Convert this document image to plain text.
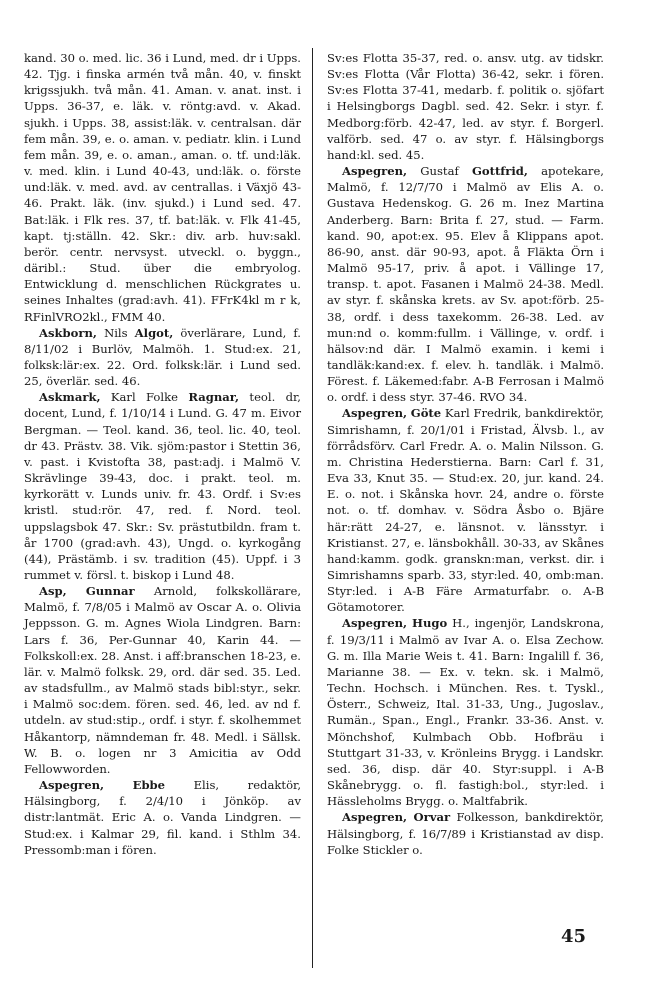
kand. 30 o. med. lic. 36 i Lund, med. dr i Upps. 42. Tjg. i finska armén två mån. 40, v. finskt krigssjukh. två mån. 41. Aman. v. anat. inst. i Upps. 36-37, e. läk. v. röntg:avd. v. Akad. sjukh. i Upps. 38, assist:läk. v. centralsan. där fem mån. 39, e. o. aman. v. pediatr. klin. i Lund fem mån. 39, e. o. aman., aman. o. tf. und:läk. v. med. klin. i Lund 40-43, und:läk. o. förste und:läk. v. med. avd. av centrallas. i Växjö 43-46. Prakt. läk. (inv. sjukd.) i Lund sed. 47. Bat:läk. i Flk res. 37, tf. bat:läk. v. Flk 41-45, kapt. tj:ställn. 42. Skr.: div. arb. huv:sakl. berör. centr. nervsyst. utveckl. o. byggn., däribl.: Stud. über die embryolog. Entwicklung d. menschlichen Rückgrates u. seines Inhaltes (grad:avh. 41). FFrK4kl m r k, RFinlVRO2kl., FMM 40.

Askborn, Nils Algot, överlärare, Lund, f. 8/11/02 i Burlöv, Malmöh. 1. Stud:ex. 21, folksk:lär:ex. 22. Ord. folksk:lär. i Lund sed. 25, överlär. sed. 46.

Askmark, Karl Folke Ragnar, teol. dr, docent, Lund, f. 1/10/14 i Lund. G. 47 m. Eivor Bergman. — Teol. kand. 36, teol. lic. 40, teol. dr 43. Prästv. 38. Vik. sjöm:pastor i Stettin 36, v. past. i Kvistofta 38, past:adj. i Malmö V. Skrävlinge 39-43, doc. i prakt. teol. m. kyrkorätt v. Lunds univ. fr. 43. Ordf. i Sv:es kristl. stud:rör. 47, red. f. Nord. teol. uppslagsbok 47. Skr.: Sv. prästutbildn. fram t. år 1700 (grad:avh. 43), Ungd. o. kyrkogång (44), Prästämb. i sv. tradition (45). Uppf. i 3 rummet v. försl. t. biskop i Lund 48.

Asp, Gunnar Arnold, folkskollärare, Malmö, f. 7/8/05 i Malmö av Oscar A. o. Olivia Jeppsson. G. m. Agnes Wiola Lindgren. Barn: Lars f. 36, Per-Gunnar 40, Karin 44. — Folkskoll:ex. 28. Anst. i aff:branschen 18-23, e. lär. v. Malmö folksk. 29, ord. där sed. 35. Led. av stadsfullm., av Malmö stads bibl:styr., sekr. i Malmö soc:dem. fören. sed. 46, led. av nd f. utdeln. av stud:stip., ordf. i styr. f. skolhemmet Håkantorp, nämndeman fr. 48. Medl. i Sällsk. W. B. o. logen nr 3 Amicitia av Odd Fellowworden.

Aspegren, Ebbe Elis, redaktör, Hälsingborg, f. 2/4/10 i Jönköp. av distr:lantmät. Eric A. o. Vanda Lindgren. — Stud:ex. i Kalmar 29, fil. kand. i Sthlm 34. Pressomb:man i fören.

Sv:es Flotta 35-37, red. o. ansv. utg. av tidskr. Sv:es Flotta (Vår Flotta) 36-42, sekr. i fören. Sv:es Flotta 37-41, medarb. f. politik o. sjöfart i Helsingborgs Dagbl. sed. 42. Sekr. i styr. f. Medborg:förb. 42-47, led. av styr. f. Borgerl. valförb. sed. 47 o. av styr. f. Hälsingborgs hand:kl. sed. 45.

Aspegren, Gustaf Gottfrid, apotekare, Malmö, f. 12/7/70 i Malmö av Elis A. o. Gustava Hedenskog. G. 26 m. Inez Martina Anderberg. Barn: Brita f. 27, stud. — Farm. kand. 90, apot:ex. 95. Elev å Klippans apot. 86-90, anst. där 90-93, apot. å Fläkta Örn i Malmö 95-17, priv. å apot. i Vällinge 17, transp. t. apot. Fasanen i Malmö 24-38. Medl. av styr. f. skånska krets. av Sv. apot:förb. 25-38, ordf. i dess taxekomm. 26-38. Led. av mun:nd o. komm:fullm. i Vällinge, v. ordf. i hälsov:nd där. I Malmö examin. i kemi i tandläk:kand:ex. f. elev. h. tandläk. i Malmö. Förest. f. Läkemed:fabr. A-B Ferrosan i Malmö o. ordf. i dess styr. 37-46. RVO 34.

Aspegren, Göte Karl Fredrik, bankdirektör, Simrishamn, f. 20/1/01 i Fristad, Älvsb. l., av förrådsförv. Carl Fredr. A. o. Malin Nilsson. G. m. Christina Hederstierna. Barn: Carl f. 31, Eva 33, Knut 35. — Stud:ex. 20, jur. kand. 24. E. o. not. i Skånska hovr. 24, andre o. förste not. o. tf. domhav. v. Södra Åsbo o. Bjäre här:rätt 24-27, e. länsnot. v. länsstyr. i Kristianst. 27, e. länsbokhåll. 30-33, av Skånes hand:kamm. godk. granskn:man, verkst. dir. i Simrishamns sparb. 33, styr:led. 40, omb:man. Styr:led. i A-B Färe Armaturfabr. o. A-B Götamotorer.

Aspegren, Hugo H., ingenjör, Landskrona, f. 19/3/11 i Malmö av Ivar A. o. Elsa Zechow. G. m. Illa Marie Weis t. 41. Barn: Ingalill f. 36, Marianne 38. — Ex. v. tekn. sk. i Malmö, Techn. Hochsch. i München. Res. t. Tyskl., Österr., Schweiz, Ital. 31-33, Ung., Jugoslav., Rumän., Span., Engl., Frankr. 33-36. Anst. v. Mönchshof, Kulmbach Obb. Hofbräu i Stuttgart 31-33, v. Krönleins Brygg. i Landskr. sed. 36, disp. där 40. Styr:suppl. i A-B Skånebrygg. o. fl. fastigh:bol., styr:led. i Hässleholms Brygg. o. Maltfabrik.

Aspegren, Orvar Folkesson, bankdirektör, Hälsingborg, f. 16/7/89 i Kristianstad av disp. Folke Stickler o.

45
